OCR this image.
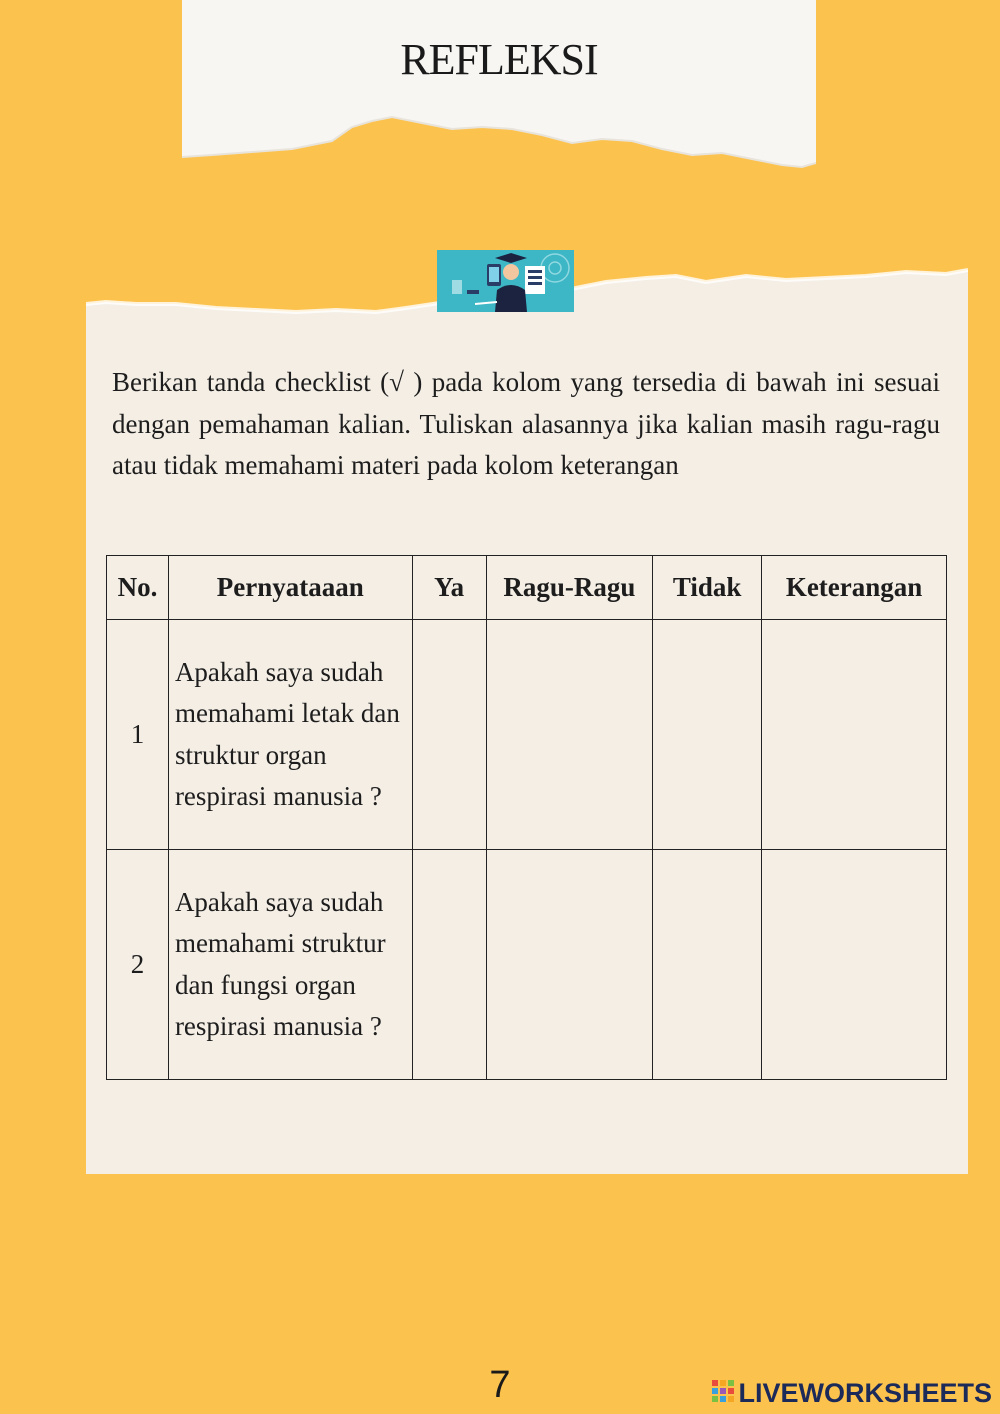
REFLEKSI

Berikan tanda checklist (√ ) pada kolom yang tersedia di bawah ini sesuai dengan pemahaman kalian. Tuliskan alasannya jika kalian masih ragu-ragu atau tidak memahami materi pada kolom keterangan

No.	Pernyataaan	Ya	Ragu-Ragu	Tidak	Keterangan
1	Apakah saya sudah memahami letak dan struktur organ respirasi manusia ?				
2	Apakah saya sudah memahami struktur dan fungsi organ respirasi manusia ?				
7	LIVEWORKSHEETS
